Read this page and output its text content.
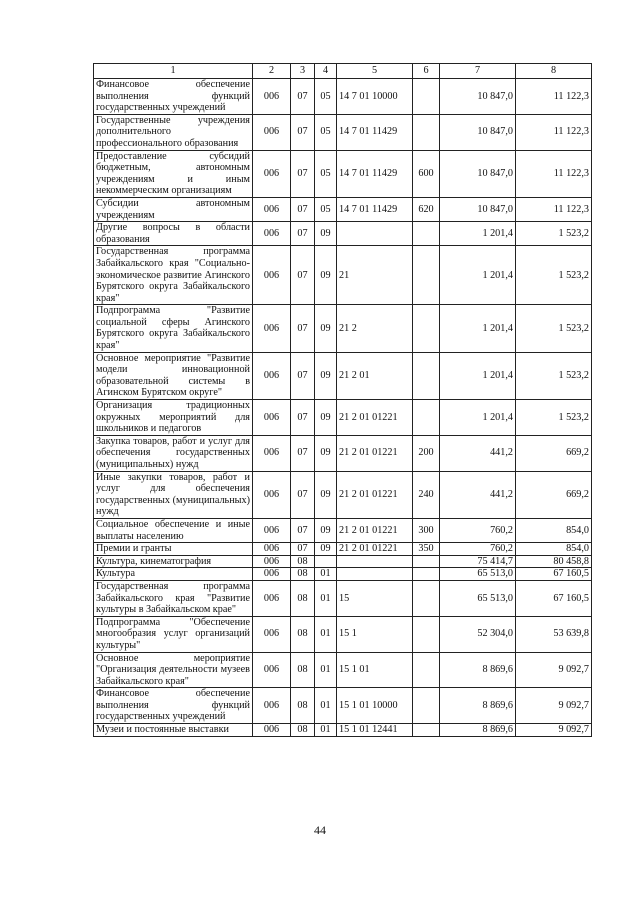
1	2	3	4	5	6	7	8
Финансовое обеспечение выполнения функций государственных учреждений	006	07	05	14 7 01 10000		10 847,0	11 122,3
Государственные учреждения дополнительного профессионального образования	006	07	05	14 7 01 11429		10 847,0	11 122,3
Предоставление субсидий бюджетным, автономным учреждениям и иным некоммерческим организациям	006	07	05	14 7 01 11429	600	10 847,0	11 122,3
Субсидии автономным учреждениям	006	07	05	14 7 01 11429	620	10 847,0	11 122,3
Другие вопросы в области образования	006	07	09			1 201,4	1 523,2
Государственная программа Забайкальского края "Социально-экономическое развитие Агинского Бурятского округа Забайкальского края"	006	07	09	21		1 201,4	1 523,2
Подпрограмма "Развитие социальной сферы Агинского Бурятского округа Забайкальского края"	006	07	09	21 2		1 201,4	1 523,2
Основное мероприятие "Развитие модели инновационной образовательной системы в Агинском Бурятском округе"	006	07	09	21 2 01		1 201,4	1 523,2
Организация традиционных окружных мероприятий для школьников и педагогов	006	07	09	21 2 01 01221		1 201,4	1 523,2
Закупка товаров, работ и услуг для обеспечения государственных (муниципальных) нужд	006	07	09	21 2 01 01221	200	441,2	669,2
Иные закупки товаров, работ и услуг для обеспечения государственных (муниципальных) нужд	006	07	09	21 2 01 01221	240	441,2	669,2
Социальное обеспечение и иные выплаты населению	006	07	09	21 2 01 01221	300	760,2	854,0
Премии и гранты	006	07	09	21 2 01 01221	350	760,2	854,0
Культура, кинематография	006	08				75 414,7	80 458,8
Культура	006	08	01			65 513,0	67 160,5
Государственная программа Забайкальского края "Развитие культуры в Забайкальском крае"	006	08	01	15		65 513,0	67 160,5
Подпрограмма "Обеспечение многообразия услуг организаций культуры"	006	08	01	15 1		52 304,0	53 639,8
Основное мероприятие "Организация деятельности музеев Забайкальского края"	006	08	01	15 1 01		8 869,6	9 092,7
Финансовое обеспечение выполнения функций государственных учреждений	006	08	01	15 1 01 10000		8 869,6	9 092,7
Музеи и постоянные выставки	006	08	01	15 1 01 12441		8 869,6	9 092,7
44
